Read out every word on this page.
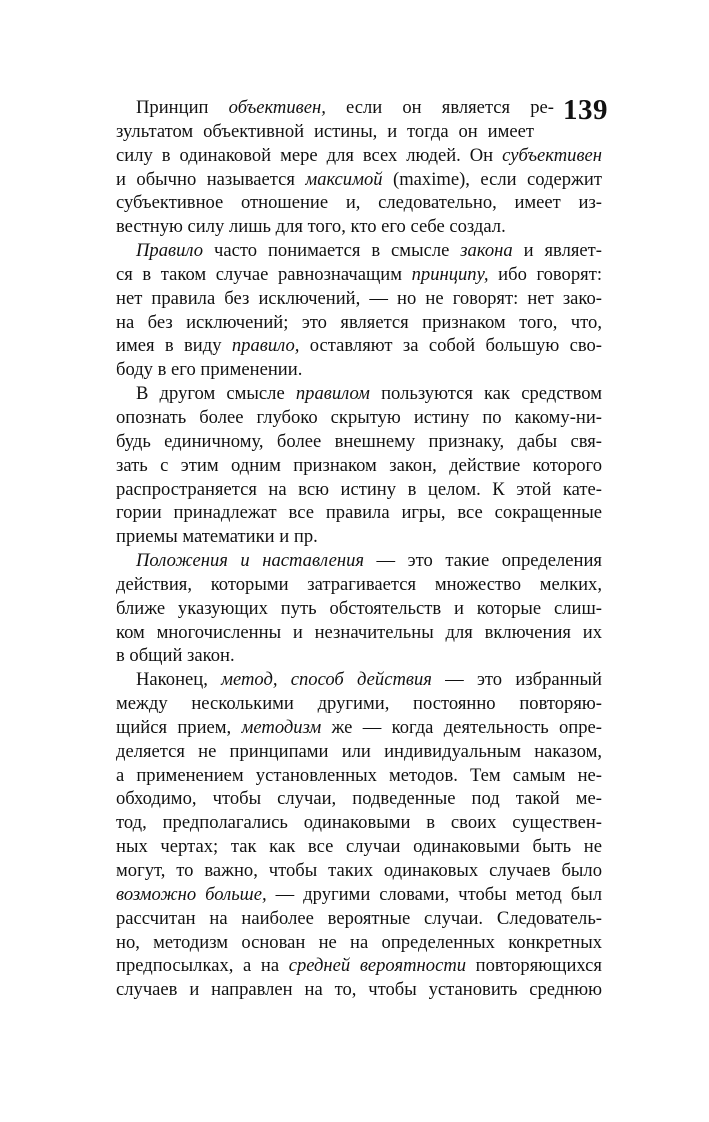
139
Принцип объективен, если он является ре-
зультатом объективной истины, и тогда он имеет
силу в одинаковой мере для всех людей. Он субъективен
и обычно называется максимой (maxime), если содержит
субъективное отношение и, следовательно, имеет из-
вестную силу лишь для того, кто его себе создал.
Правило часто понимается в смысле закона и являет-
ся в таком случае равнозначащим принципу, ибо говорят:
нет правила без исключений, — но не говорят: нет зако-
на без исключений; это является признаком того, что,
имея в виду правило, оставляют за собой большую сво-
боду в его применении.
В другом смысле правилом пользуются как средством
опознать более глубоко скрытую истину по какому-ни-
будь единичному, более внешнему признаку, дабы свя-
зать с этим одним признаком закон, действие которого
распространяется на всю истину в целом. К этой кате-
гории принадлежат все правила игры, все сокращенные
приемы математики и пр.
Положения и наставления — это такие определения
действия, которыми затрагивается множество мелких,
ближе указующих путь обстоятельств и которые слиш-
ком многочисленны и незначительны для включения их
в общий закон.
Наконец, метод, способ действия — это избранный
между несколькими другими, постоянно повторяю-
щийся прием, методизм же — когда деятельность опре-
деляется не принципами или индивидуальным наказом,
а применением установленных методов. Тем самым не-
обходимо, чтобы случаи, подведенные под такой ме-
тод, предполагались одинаковыми в своих существен-
ных чертах; так как все случаи одинаковыми быть не
могут, то важно, чтобы таких одинаковых случаев было
возможно больше, — другими словами, чтобы метод был
рассчитан на наиболее вероятные случаи. Следователь-
но, методизм основан не на определенных конкретных
предпосылках, а на средней вероятности повторяющихся
случаев и направлен на то, чтобы установить среднюю
